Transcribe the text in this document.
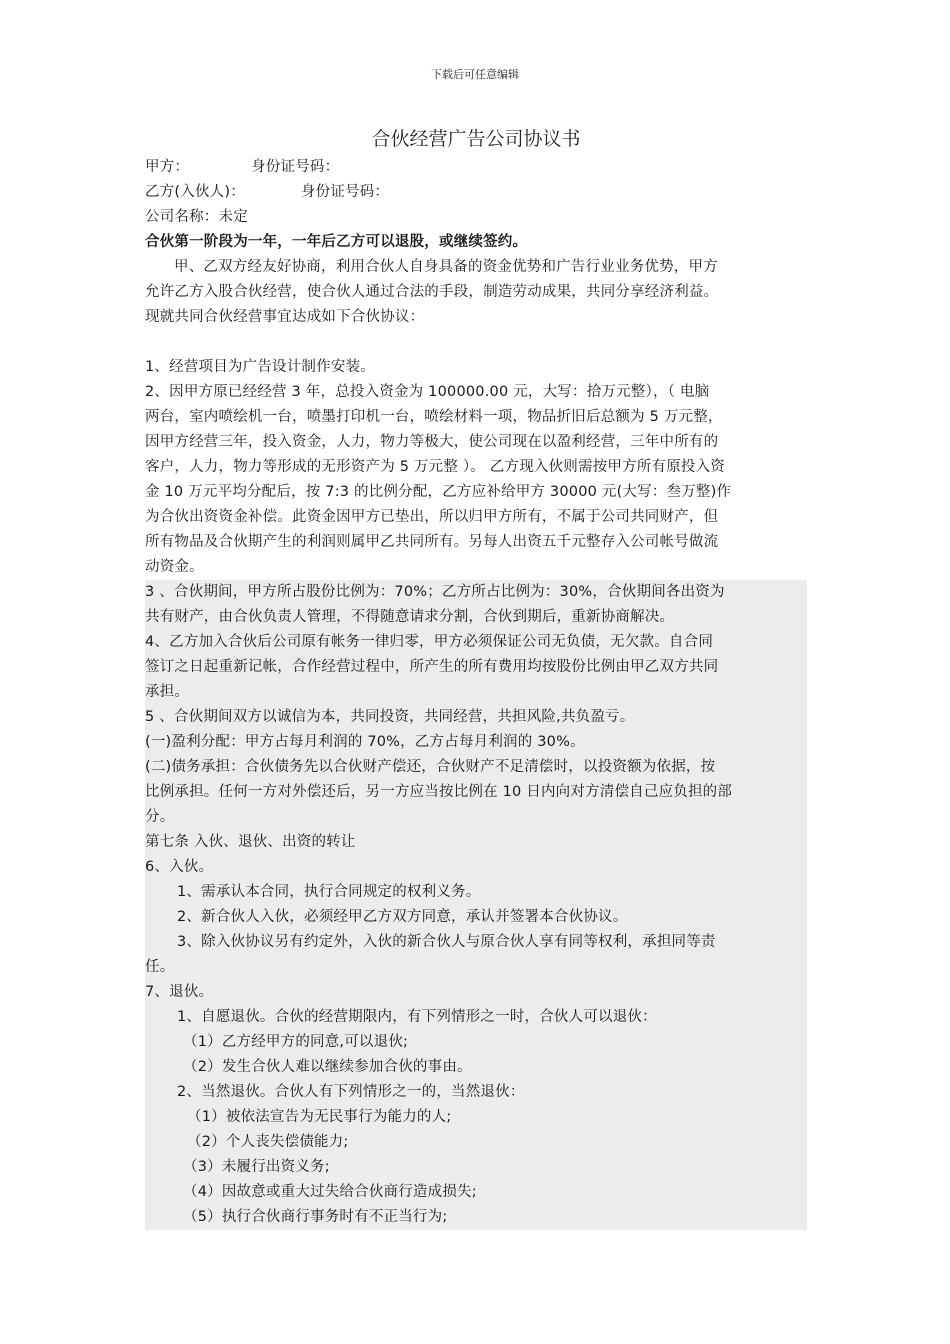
下载后可任意编辑
合伙经营广告公司协议书

甲方：	身份证号码：

乙方(入伙人)：	身份证号码：

公司名称：未定

合伙第一阶段为一年，一年后乙方可以退股，或继续签约。

甲、乙双方经友好协商，利用合伙人自身具备的资金优势和广告行业业务优势，甲方

允许乙方入股合伙经营，使合伙人通过合法的手段，制造劳动成果，共同分享经济利益。

现就共同合伙经营事宜达成如下合伙协议：

1、经营项目为广告设计制作安装。

2、因甲方原已经经营 3 年，总投入资金为 100000.00 元，大写：拾万元整），（ 电脑

两台，室内喷绘机一台，喷墨打印机一台，喷绘材料一项，物品折旧后总额为 5 万元整，

因甲方经营三年，投入资金，人力，物力等极大，使公司现在以盈利经营，三年中所有的

客户，人力，物力等形成的无形资产为 5 万元整 ）。 乙方现入伙则需按甲方所有原投入资

金 10 万元平均分配后，按 7:3 的比例分配，乙方应补给甲方 30000 元(大写：叁万整)作

为合伙出资资金补偿。此资金因甲方已垫出，所以归甲方所有，不属于公司共同财产，但

所有物品及合伙期产生的利润则属甲乙共同所有。另每人出资五千元整存入公司帐号做流

动资金。

3 、合伙期间，甲方所占股份比例为：70%；乙方所占比例为：30%，合伙期间各出资为

共有财产，由合伙负责人管理，不得随意请求分割，合伙到期后，重新协商解决。

4、乙方加入合伙后公司原有帐务一律归零，甲方必须保证公司无负债，无欠款。自合同

签订之日起重新记帐，合作经营过程中，所产生的所有费用均按股份比例由甲乙双方共同

承担。

5 、合伙期间双方以诚信为本，共同投资，共同经营，共担风险,共负盈亏。

(一)盈利分配：甲方占每月利润的 70%，乙方占每月利润的 30%。

(二)债务承担：合伙债务先以合伙财产偿还，合伙财产不足清偿时，以投资额为依据，按

比例承担。任何一方对外偿还后，另一方应当按比例在 10 日内向对方清偿自己应负担的部

分。

第七条 入伙、退伙、出资的转让

6、入伙。

1、需承认本合同，执行合同规定的权利义务。

2、新合伙人入伙，必须经甲乙方双方同意，承认并签署本合伙协议。

3、除入伙协议另有约定外，入伙的新合伙人与原合伙人享有同等权利，承担同等责

任。

7、退伙。

1、自愿退伙。合伙的经营期限内，有下列情形之一时，合伙人可以退伙：

（1）乙方经甲方的同意,可以退伙;

（2）发生合伙人难以继续参加合伙的事由。

2、当然退伙。合伙人有下列情形之一的，当然退伙：

（1）被依法宣告为无民事行为能力的人;

（2）个人丧失偿债能力;

（3）未履行出资义务;

（4）因故意或重大过失给合伙商行造成损失;

（5）执行合伙商行事务时有不正当行为;
